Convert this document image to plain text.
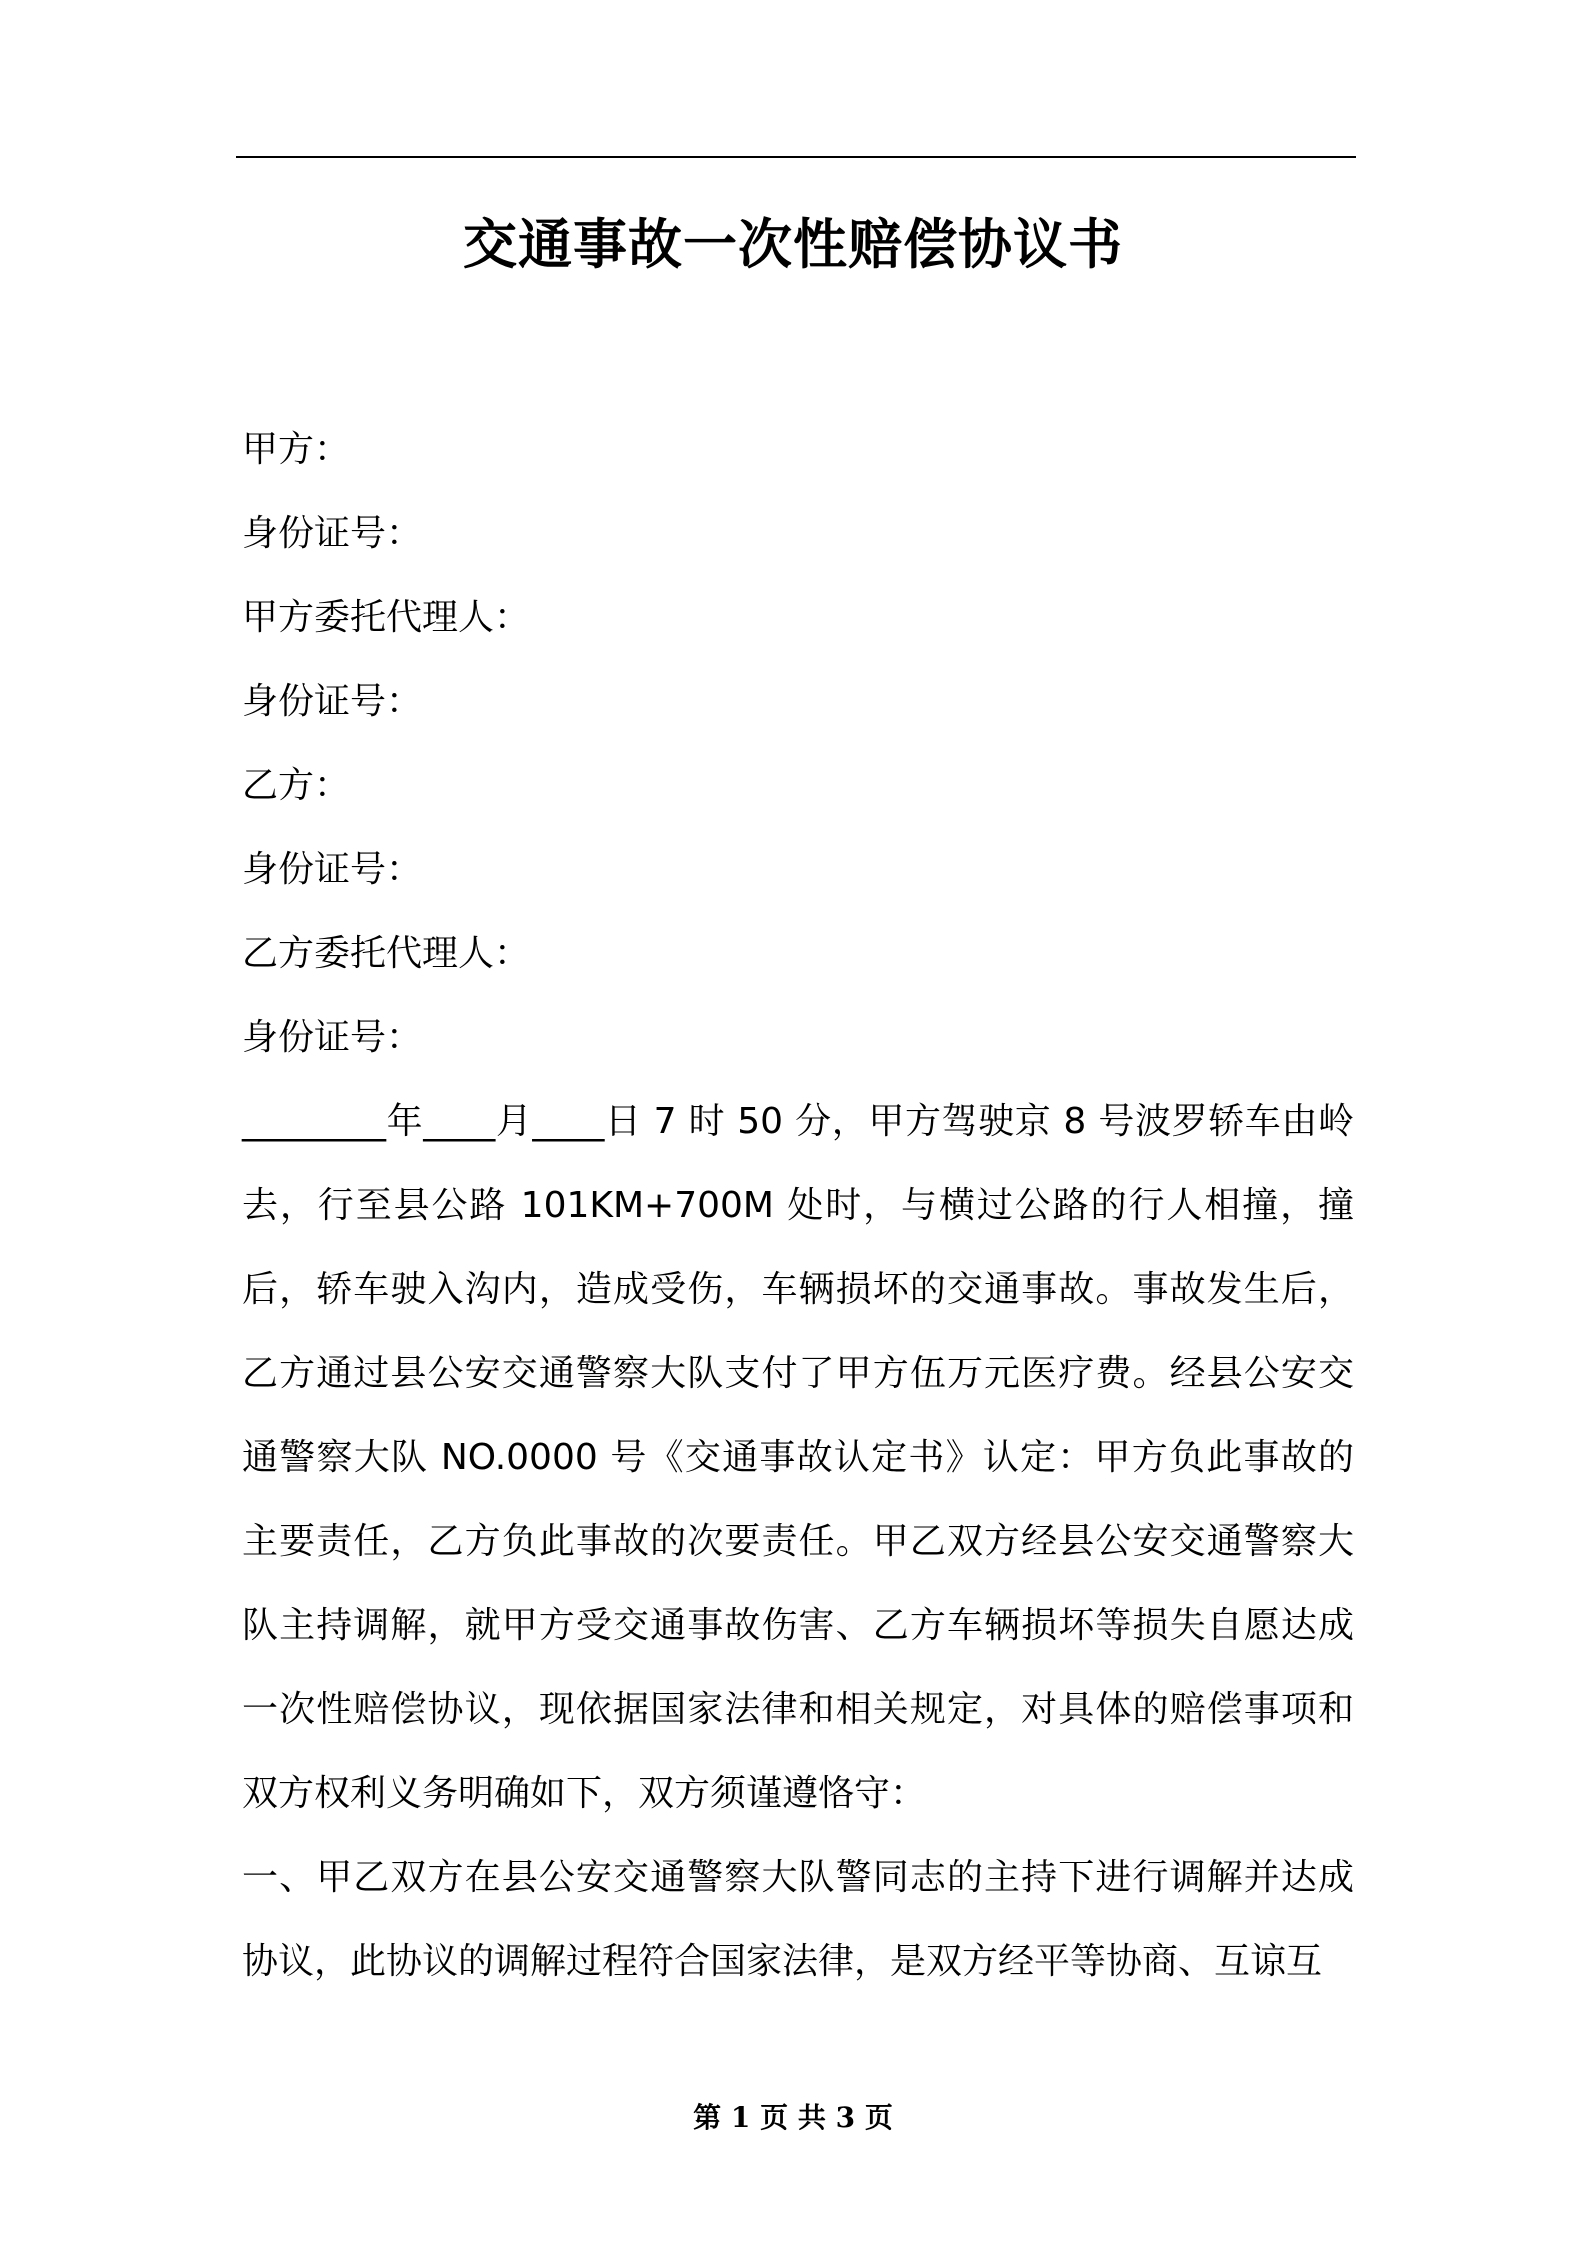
交通事故一次性赔偿协议书

甲方：

身份证号：

甲方委托代理人：

身份证号：

乙方：

身份证号：

乙方委托代理人：

身份证号：

________年____月____日 7 时 50 分，甲方驾驶京 8 号波罗轿车由岭去，行至县公路 101KM+700M 处时，与横过公路的行人相撞，撞后，轿车驶入沟内，造成受伤，车辆损坏的交通事故。事故发生后，乙方通过县公安交通警察大队支付了甲方伍万元医疗费。经县公安交通警察大队 NO.0000 号《交通事故认定书》认定：甲方负此事故的主要责任，乙方负此事故的次要责任。甲乙双方经县公安交通警察大队主持调解，就甲方受交通事故伤害、乙方车辆损坏等损失自愿达成一次性赔偿协议，现依据国家法律和相关规定，对具体的赔偿事项和双方权利义务明确如下，双方须谨遵恪守：

一、甲乙双方在县公安交通警察大队警同志的主持下进行调解并达成协议，此协议的调解过程符合国家法律，是双方经平等协商、互谅互

第 1 页 共 3 页
